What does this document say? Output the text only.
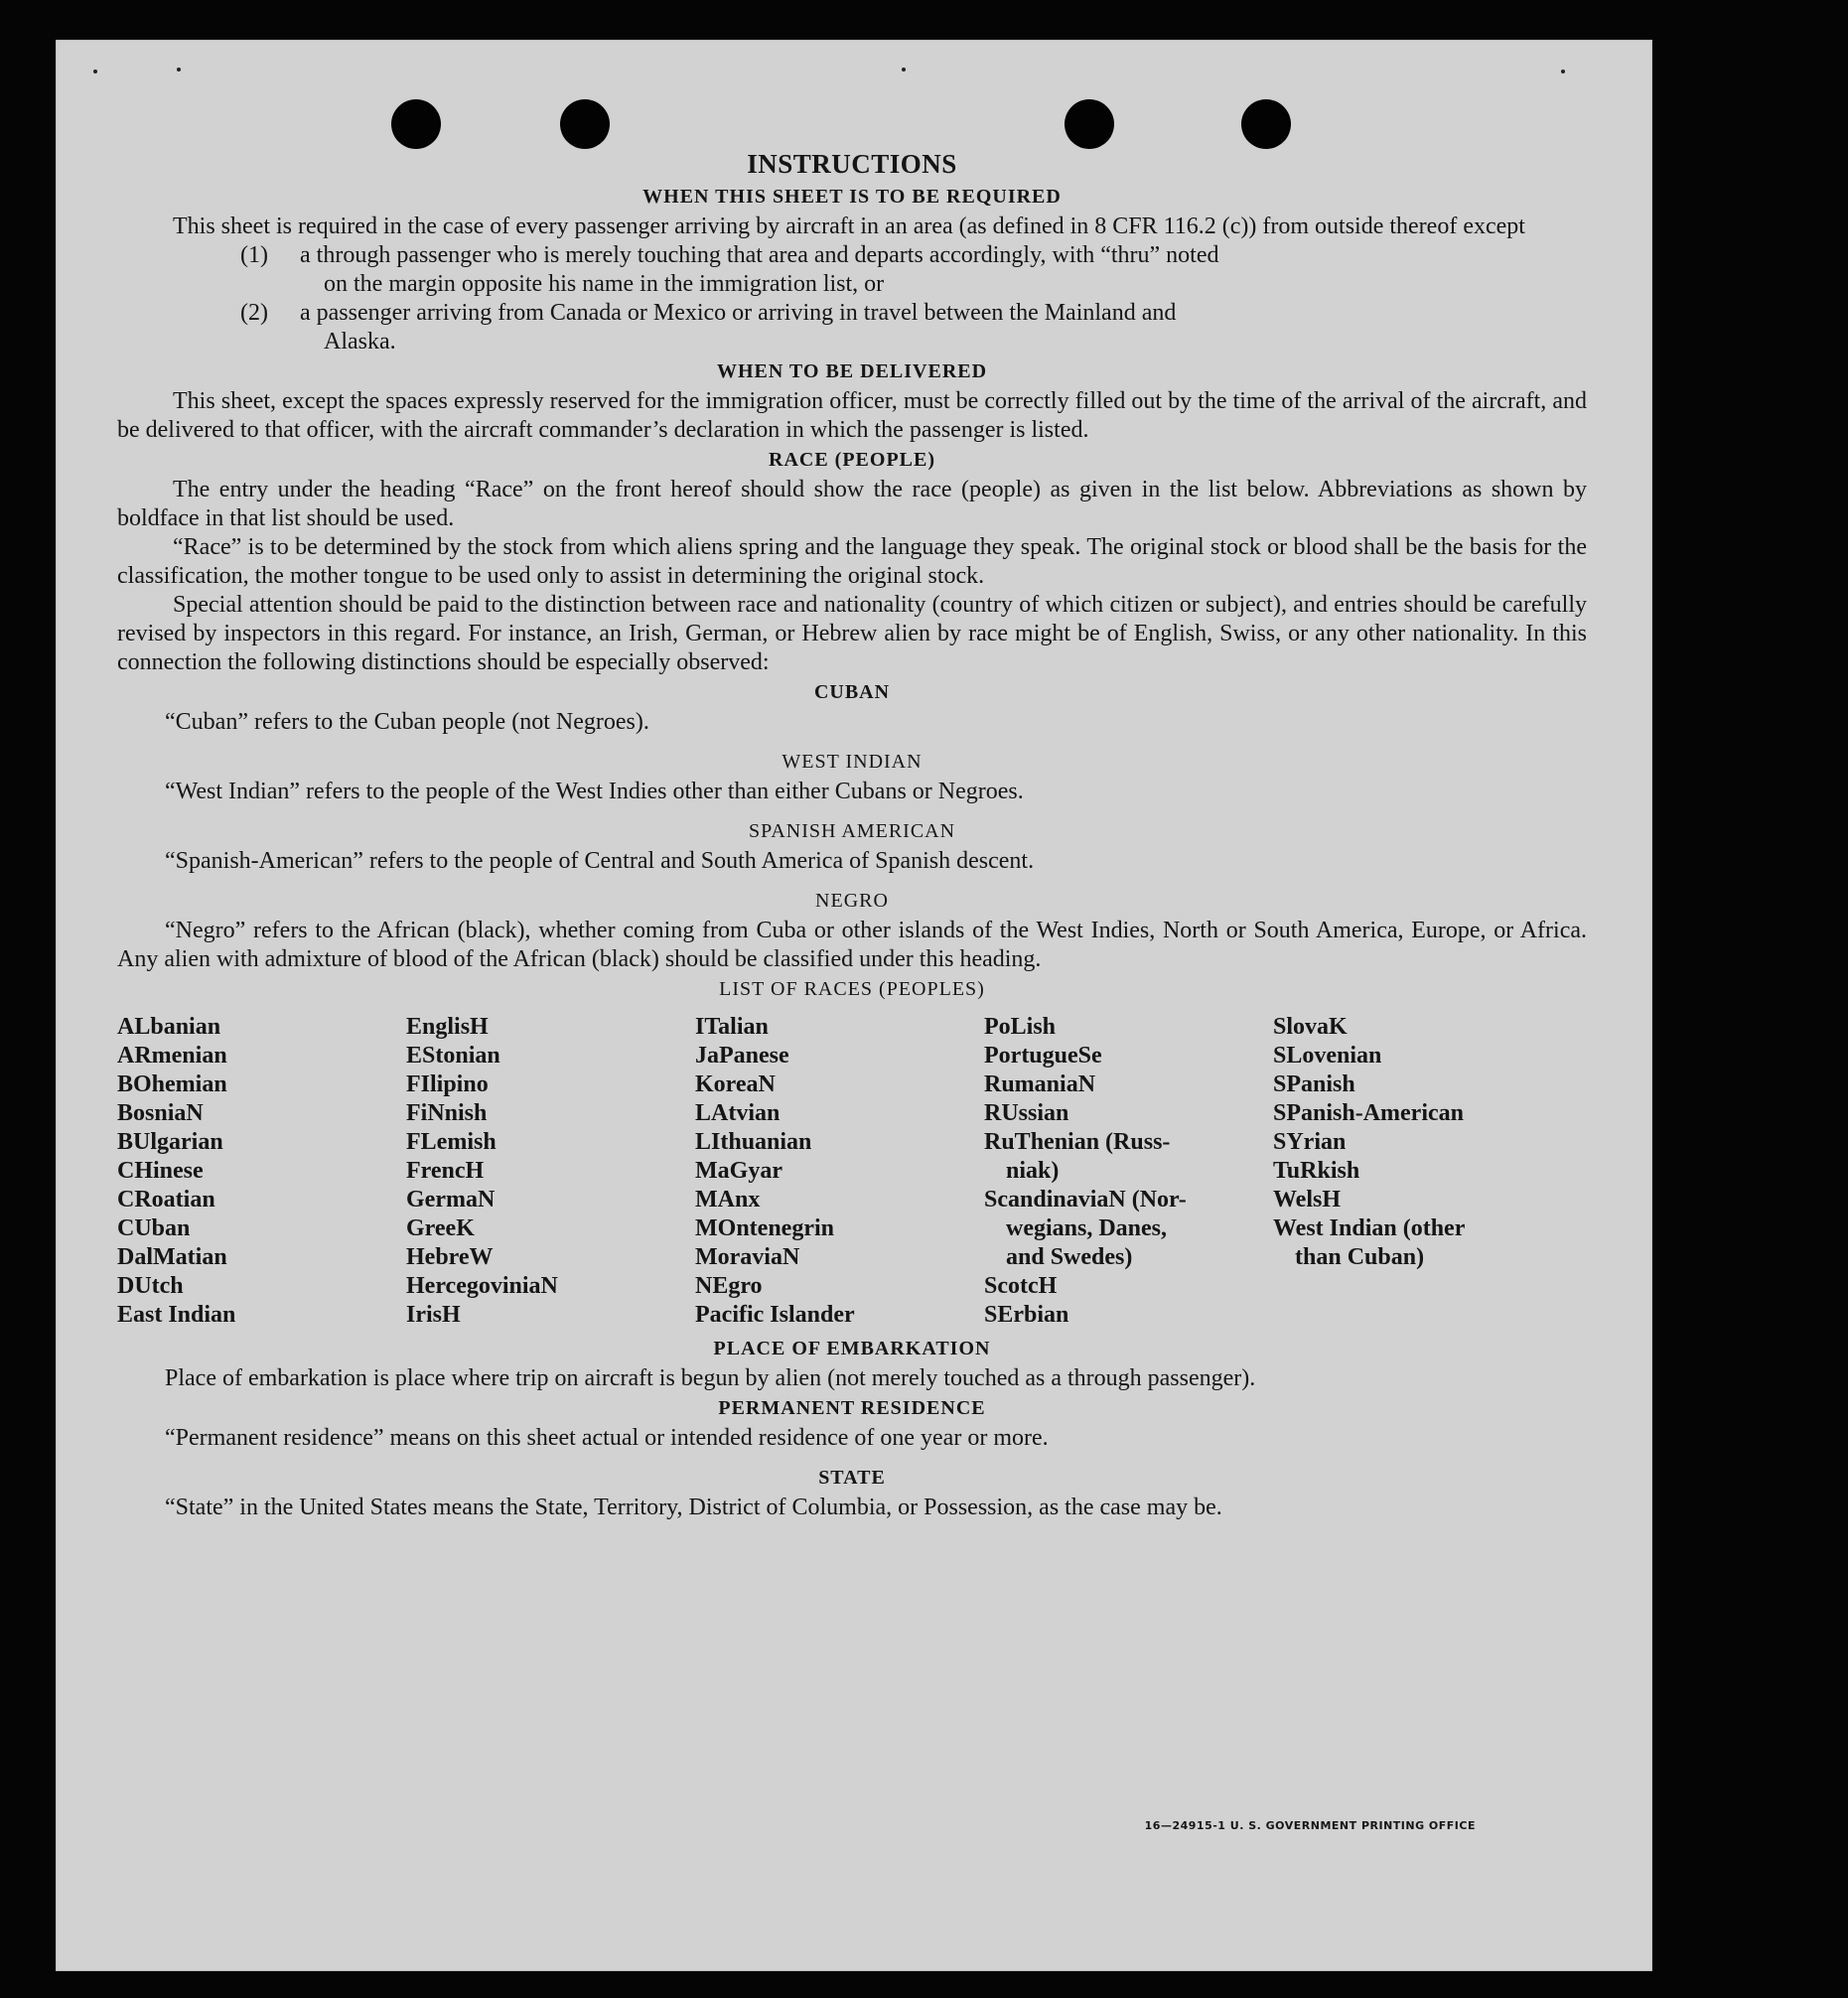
INSTRUCTIONS
WHEN THIS SHEET IS TO BE REQUIRED

This sheet is required in the case of every passenger arriving by aircraft in an area (as defined in 8 CFR 116.2 (c)) from outside thereof except

(1)	a through passenger who is merely touching that area and departs accordingly, with “thru” noted
on the margin opposite his name in the immigration list, or
(2)	a passenger arriving from Canada or Mexico or arriving in travel between the Mainland and
Alaska.
WHEN TO BE DELIVERED

This sheet, except the spaces expressly reserved for the immigration officer, must be correctly filled out by the time of the arrival of the aircraft, and be delivered to that officer, with the aircraft commander’s declaration in which the passenger is listed.

RACE (PEOPLE)

The entry under the heading “Race” on the front hereof should show the race (people) as given in the list below. Abbreviations as shown by boldface in that list should be used.

“Race” is to be determined by the stock from which aliens spring and the language they speak. The original stock or blood shall be the basis for the classification, the mother tongue to be used only to assist in determining the original stock.

Special attention should be paid to the distinction between race and nationality (country of which citizen or subject), and entries should be carefully revised by inspectors in this regard. For instance, an Irish, German, or Hebrew alien by race might be of English, Swiss, or any other nationality. In this connection the following distinctions should be especially observed:

CUBAN

“Cuban” refers to the Cuban people (not Negroes).

WEST INDIAN

“West Indian” refers to the people of the West Indies other than either Cubans or Negroes.

SPANISH AMERICAN

“Spanish-American” refers to the people of Central and South America of Spanish descent.

NEGRO

“Negro” refers to the African (black), whether coming from Cuba or other islands of the West Indies, North or South America, Europe, or Africa. Any alien with admixture of blood of the African (black) should be classified under this heading.

LIST OF RACES (PEOPLES)
ALbanian
ARmenian
BOhemian
BosniaN
BUlgarian
CHinese
CRoatian
CUban
DalMatian
DUtch
East Indian
EnglisH
EStonian
FIlipino
FiNnish
FLemish
FrencH
GermaN
GreeK
HebreW
HercegoviniaN
IrisH
ITalian
JaPanese
KoreaN
LAtvian
LIthuanian
MaGyar
MAnx
MOntenegrin
MoraviaN
NEgro
Pacific Islander
PoLish
PortugueSe
RumaniaN
RUssian
RuThenian (Russ-
niak)
ScandinaviaN (Nor-
wegians, Danes,
and Swedes)
ScotcH
SErbian
SlovaK
SLovenian
SPanish
SPanish-American
SYrian
TuRkish
WelsH
West Indian (other
than Cuban)
PLACE OF EMBARKATION

Place of embarkation is place where trip on aircraft is begun by alien (not merely touched as a through passenger).

PERMANENT RESIDENCE

“Permanent residence” means on this sheet actual or intended residence of one year or more.

STATE

“State” in the United States means the State, Territory, District of Columbia, or Possession, as the case may be.

16—24915-1 U. S. GOVERNMENT PRINTING OFFICE
